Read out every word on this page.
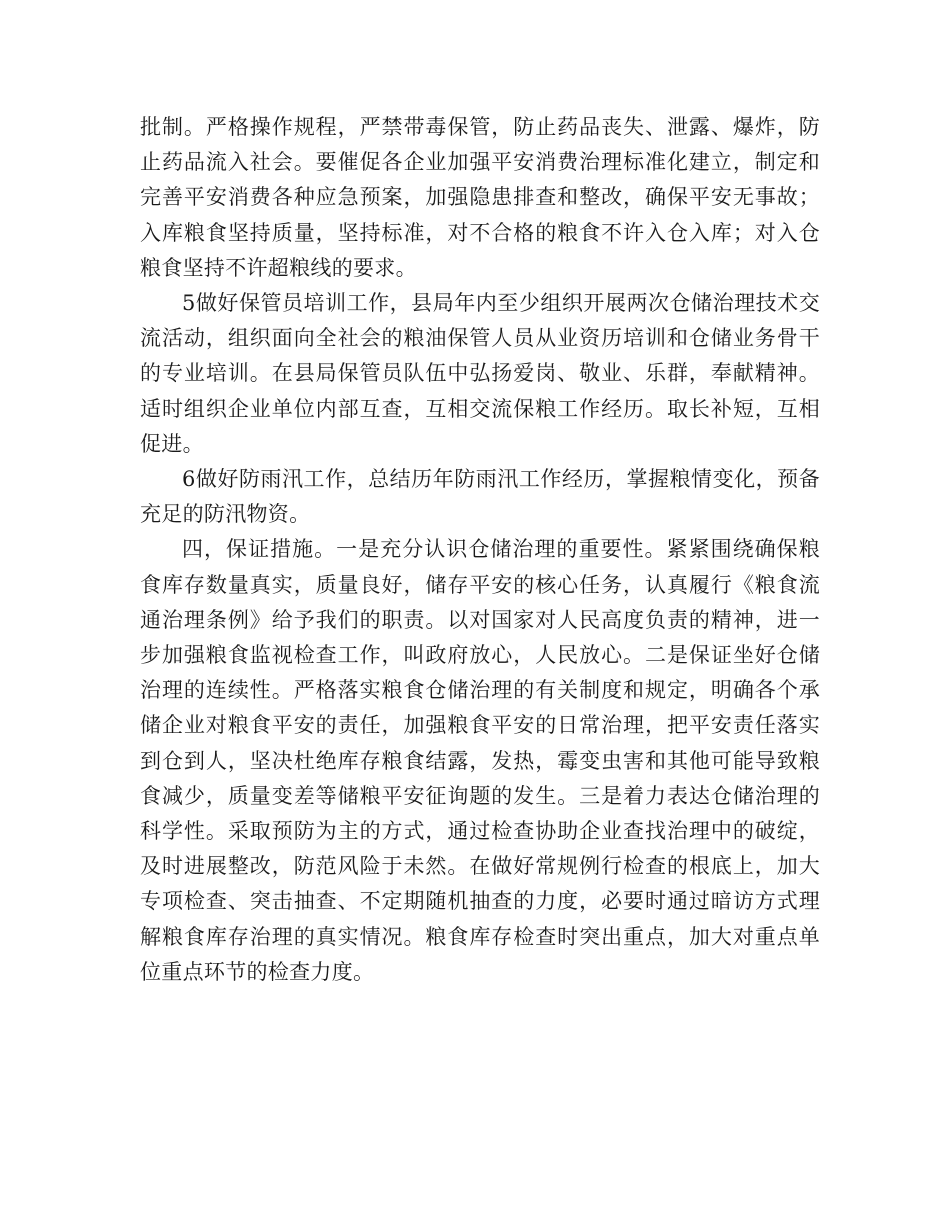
批制。严格操作规程，严禁带毒保管，防止药品丧失、泄露、爆炸，防止药品流入社会。要催促各企业加强平安消费治理标准化建立，制定和完善平安消费各种应急预案，加强隐患排查和整改，确保平安无事故；入库粮食坚持质量，坚持标准，对不合格的粮食不许入仓入库；对入仓粮食坚持不许超粮线的要求。

5做好保管员培训工作，县局年内至少组织开展两次仓储治理技术交流活动，组织面向全社会的粮油保管人员从业资历培训和仓储业务骨干的专业培训。在县局保管员队伍中弘扬爱岗、敬业、乐群，奉献精神。适时组织企业单位内部互查，互相交流保粮工作经历。取长补短，互相促进。

6做好防雨汛工作，总结历年防雨汛工作经历，掌握粮情变化，预备充足的防汛物资。

四，保证措施。一是充分认识仓储治理的重要性。紧紧围绕确保粮食库存数量真实，质量良好，储存平安的核心任务，认真履行《粮食流通治理条例》给予我们的职责。以对国家对人民高度负责的精神，进一步加强粮食监视检查工作，叫政府放心，人民放心。二是保证坐好仓储治理的连续性。严格落实粮食仓储治理的有关制度和规定，明确各个承储企业对粮食平安的责任，加强粮食平安的日常治理，把平安责任落实到仓到人，坚决杜绝库存粮食结露，发热，霉变虫害和其他可能导致粮食减少，质量变差等储粮平安征询题的发生。三是着力表达仓储治理的科学性。采取预防为主的方式，通过检查协助企业查找治理中的破绽，及时进展整改，防范风险于未然。在做好常规例行检查的根底上，加大专项检查、突击抽查、不定期随机抽查的力度，必要时通过暗访方式理解粮食库存治理的真实情况。粮食库存检查时突出重点，加大对重点单位重点环节的检查力度。
